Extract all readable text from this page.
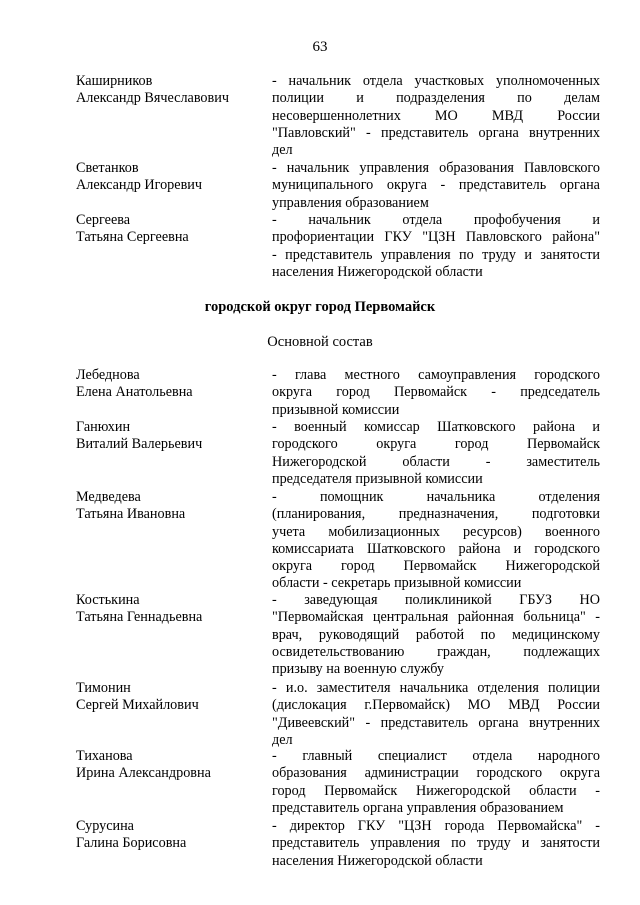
63
Каширников
Александр Вячеславович
- начальник отдела участковых уполномоченных
полиции и подразделения по делам
несовершеннолетних МО МВД России
"Павловский" - представитель органа внутренних
дел
Светанков
Александр Игоревич
- начальник управления образования Павловского
муниципального округа - представитель органа
управления образованием
Сергеева
Татьяна Сергеевна
- начальник отдела профобучения и
профориентации ГКУ "ЦЗН Павловского района"
- представитель управления по труду и занятости
населения Нижегородской области
городской округ город Первомайск
Основной состав
Лебеднова
Елена Анатольевна
- глава местного самоуправления городского
округа город Первомайск - председатель
призывной комиссии
Ганюхин
Виталий Валерьевич
- военный комиссар Шатковского района и
городского округа город Первомайск
Нижегородской области - заместитель
председателя призывной комиссии
Медведева
Татьяна Ивановна
- помощник начальника отделения
(планирования, предназначения, подготовки
учета мобилизационных ресурсов) военного
комиссариата Шатковского района и городского
округа город Первомайск Нижегородской
области - секретарь призывной комиссии
Костькина
Татьяна Геннадьевна
- заведующая поликлиникой ГБУЗ НО
"Первомайская центральная районная больница" -
врач, руководящий работой по медицинскому
освидетельствованию граждан, подлежащих
призыву на военную службу
Тимонин
Сергей Михайлович
- и.о. заместителя начальника отделения полиции
(дислокация г.Первомайск) МО МВД России
"Дивеевский" - представитель органа внутренних
дел
Тиханова
Ирина Александровна
- главный специалист отдела народного
образования администрации городского округа
город Первомайск Нижегородской области -
представитель органа управления образованием
Сурусина
Галина Борисовна
- директор ГКУ "ЦЗН города Первомайска" -
представитель управления по труду и занятости
населения Нижегородской области
